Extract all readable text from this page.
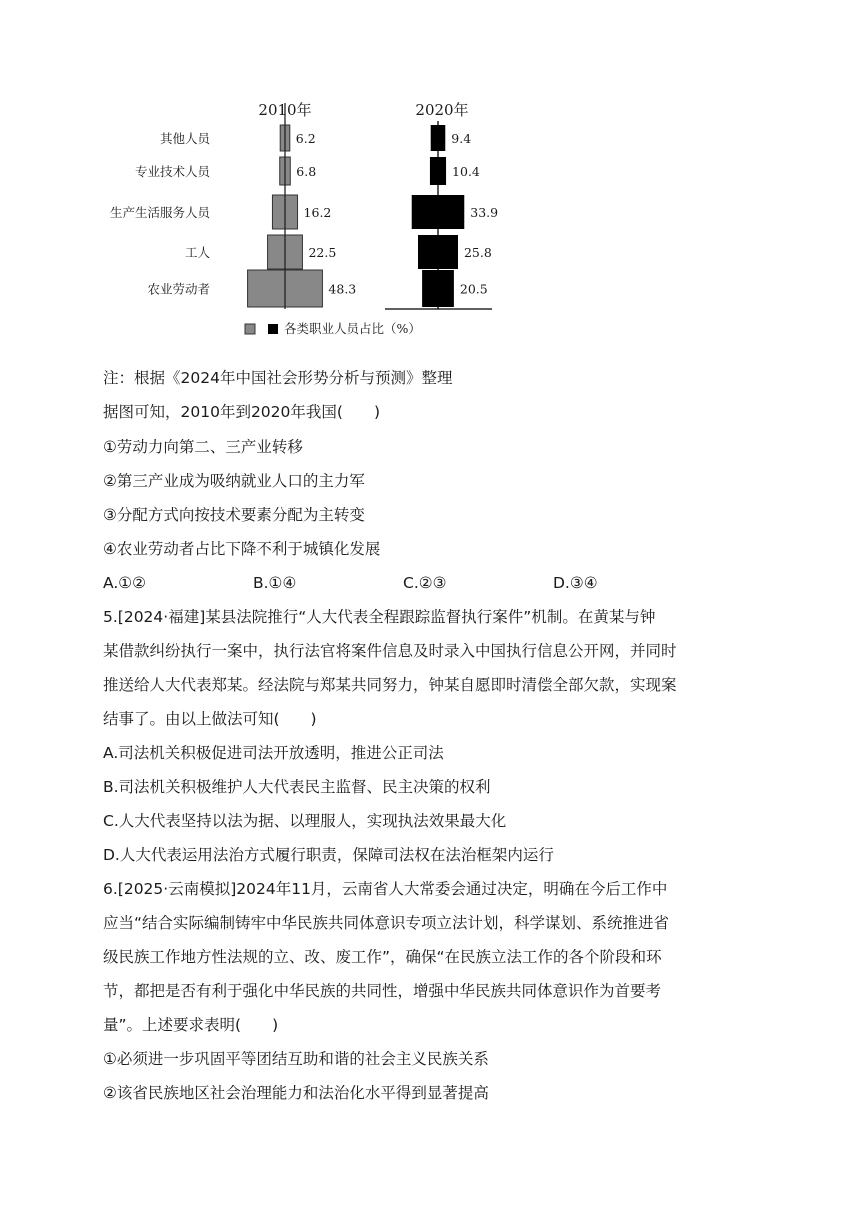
6.2
6.8
16.2
22.5
48.3
9.4
10.4
33.9
25.8
20.5
其他人员
专业技术人员
生产生活服务人员
工人
农业劳动者
2010年	2020年
各类职业人员占比（%）
注：根据《2024年中国社会形势分析与预测》整理
据图可知，2010年到2020年我国(　　)
①劳动力向第二、三产业转移
②第三产业成为吸纳就业人口的主力军
③分配方式向按技术要素分配为主转变
④农业劳动者占比下降不利于城镇化发展
A.①②	B.①④	C.②③	D.③④
5.[2024·福建]某县法院推行“人大代表全程跟踪监督执行案件”机制。在黄某与钟
某借款纠纷执行一案中，执行法官将案件信息及时录入中国执行信息公开网，并同时
推送给人大代表郑某。经法院与郑某共同努力，钟某自愿即时清偿全部欠款，实现案
结事了。由以上做法可知(　　)
A.司法机关积极促进司法开放透明，推进公正司法
B.司法机关积极维护人大代表民主监督、民主决策的权利
C.人大代表坚持以法为据、以理服人，实现执法效果最大化
D.人大代表运用法治方式履行职责，保障司法权在法治框架内运行
6.[2025·云南模拟]2024年11月，云南省人大常委会通过决定，明确在今后工作中
应当“结合实际编制铸牢中华民族共同体意识专项立法计划，科学谋划、系统推进省
级民族工作地方性法规的立、改、废工作”，确保“在民族立法工作的各个阶段和环
节，都把是否有利于强化中华民族的共同性，增强中华民族共同体意识作为首要考
量”。上述要求表明(　　)
①必须进一步巩固平等团结互助和谐的社会主义民族关系
②该省民族地区社会治理能力和法治化水平得到显著提高
